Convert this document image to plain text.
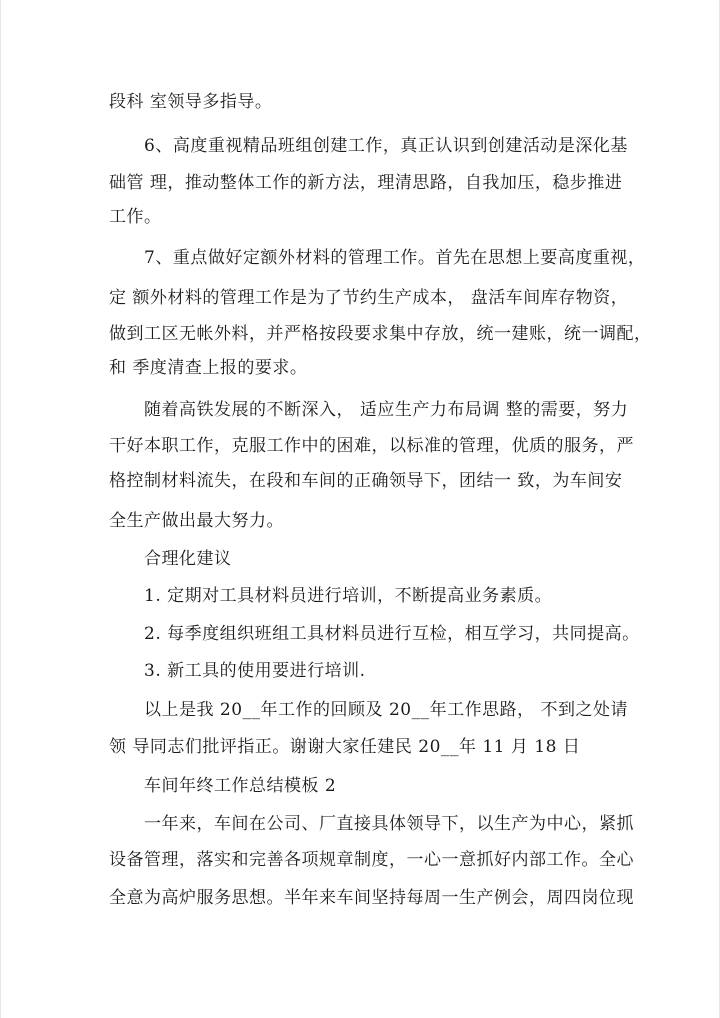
段科 室领导多指导。
6、高度重视精品班组创建工作，真正认识到创建活动是深化基
础管 理，推动整体工作的新方法，理清思路，自我加压，稳步推进
工作。
7、重点做好定额外材料的管理工作。首先在思想上要高度重视，
定 额外材料的管理工作是为了节约生产成本， 盘活车间库存物资，
做到工区无帐外料，并严格按段要求集中存放，统一建账，统一调配，
和 季度清查上报的要求。
随着高铁发展的不断深入， 适应生产力布局调 整的需要，努力
干好本职工作，克服工作中的困难，以标准的管理，优质的服务，严
格控制材料流失，在段和车间的正确领导下，团结一 致，为车间安
全生产做出最大努力。
合理化建议
1. 定期对工具材料员进行培训，不断提高业务素质。
2. 每季度组织班组工具材料员进行互检，相互学习，共同提高。
3. 新工具的使用要进行培训.
以上是我 20__年工作的回顾及 20__年工作思路， 不到之处请
领 导同志们批评指正。谢谢大家任建民 20__年 11 月 18 日
车间年终工作总结模板 2
一年来，车间在公司、厂直接具体领导下，以生产为中心，紧抓
设备管理，落实和完善各项规章制度，一心一意抓好内部工作。全心
全意为高炉服务思想。半年来车间坚持每周一生产例会，周四岗位现
